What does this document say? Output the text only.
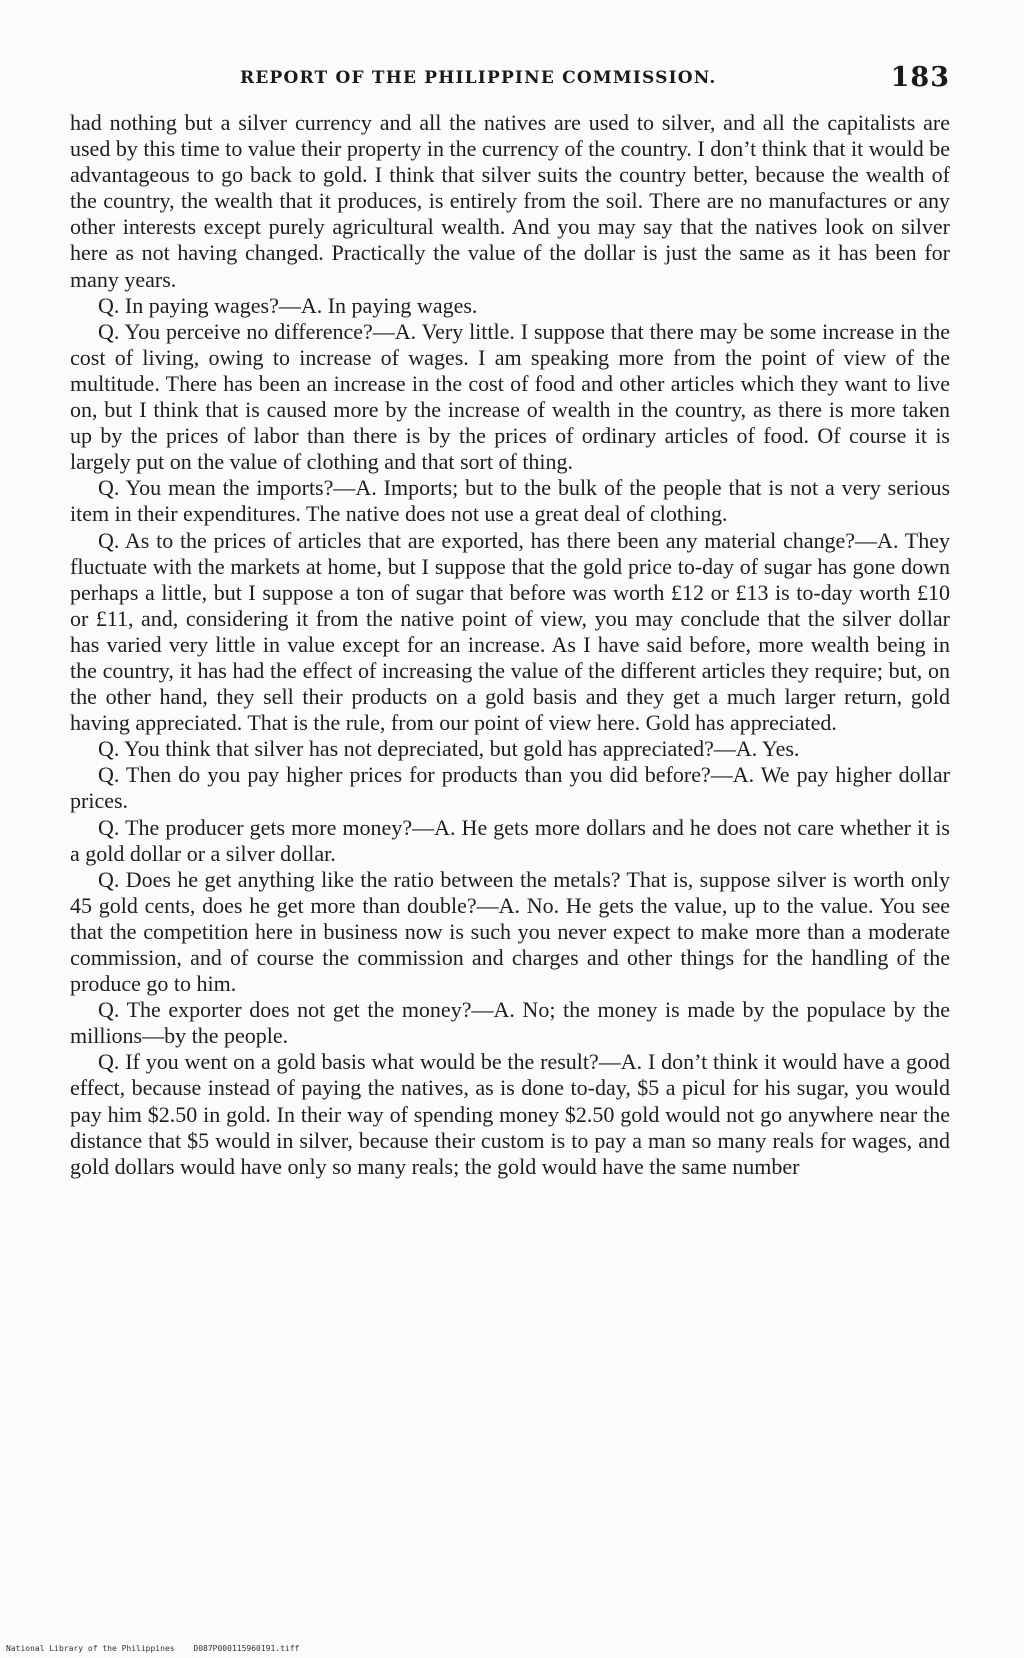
REPORT OF THE PHILIPPINE COMMISSION.	183

had nothing but a silver currency and all the natives are used to silver, and all the capitalists are used by this time to value their property in the currency of the country. I don’t think that it would be advantageous to go back to gold. I think that silver suits the country better, because the wealth of the country, the wealth that it produces, is entirely from the soil. There are no manufactures or any other interests except purely agricultural wealth. And you may say that the natives look on silver here as not having changed. Practically the value of the dollar is just the same as it has been for many years.

Q. In paying wages?—A. In paying wages.

Q. You perceive no difference?—A. Very little. I suppose that there may be some increase in the cost of living, owing to increase of wages. I am speaking more from the point of view of the multitude. There has been an increase in the cost of food and other articles which they want to live on, but I think that is caused more by the increase of wealth in the country, as there is more taken up by the prices of labor than there is by the prices of ordinary articles of food. Of course it is largely put on the value of clothing and that sort of thing.

Q. You mean the imports?—A. Imports; but to the bulk of the people that is not a very serious item in their expenditures. The native does not use a great deal of clothing.

Q. As to the prices of articles that are exported, has there been any material change?—A. They fluctuate with the markets at home, but I suppose that the gold price to-day of sugar has gone down perhaps a little, but I suppose a ton of sugar that before was worth £12 or £13 is to-day worth £10 or £11, and, considering it from the native point of view, you may conclude that the silver dollar has varied very little in value except for an increase. As I have said before, more wealth being in the country, it has had the effect of increasing the value of the different articles they require; but, on the other hand, they sell their products on a gold basis and they get a much larger return, gold having appreciated. That is the rule, from our point of view here. Gold has appreciated.

Q. You think that silver has not depreciated, but gold has appreciated?—A. Yes.

Q. Then do you pay higher prices for products than you did before?—A. We pay higher dollar prices.

Q. The producer gets more money?—A. He gets more dollars and he does not care whether it is a gold dollar or a silver dollar.

Q. Does he get anything like the ratio between the metals? That is, suppose silver is worth only 45 gold cents, does he get more than double?—A. No. He gets the value, up to the value. You see that the competition here in business now is such you never expect to make more than a moderate commission, and of course the commission and charges and other things for the handling of the produce go to him.

Q. The exporter does not get the money?—A. No; the money is made by the populace by the millions—by the people.

Q. If you went on a gold basis what would be the result?—A. I don’t think it would have a good effect, because instead of paying the natives, as is done to-day, $5 a picul for his sugar, you would pay him $2.50 in gold. In their way of spending money $2.50 gold would not go anywhere near the distance that $5 would in silver, because their custom is to pay a man so many reals for wages, and gold dollars would have only so many reals; the gold would have the same number

National Library of the Philippines D087P000115960191.tiff
